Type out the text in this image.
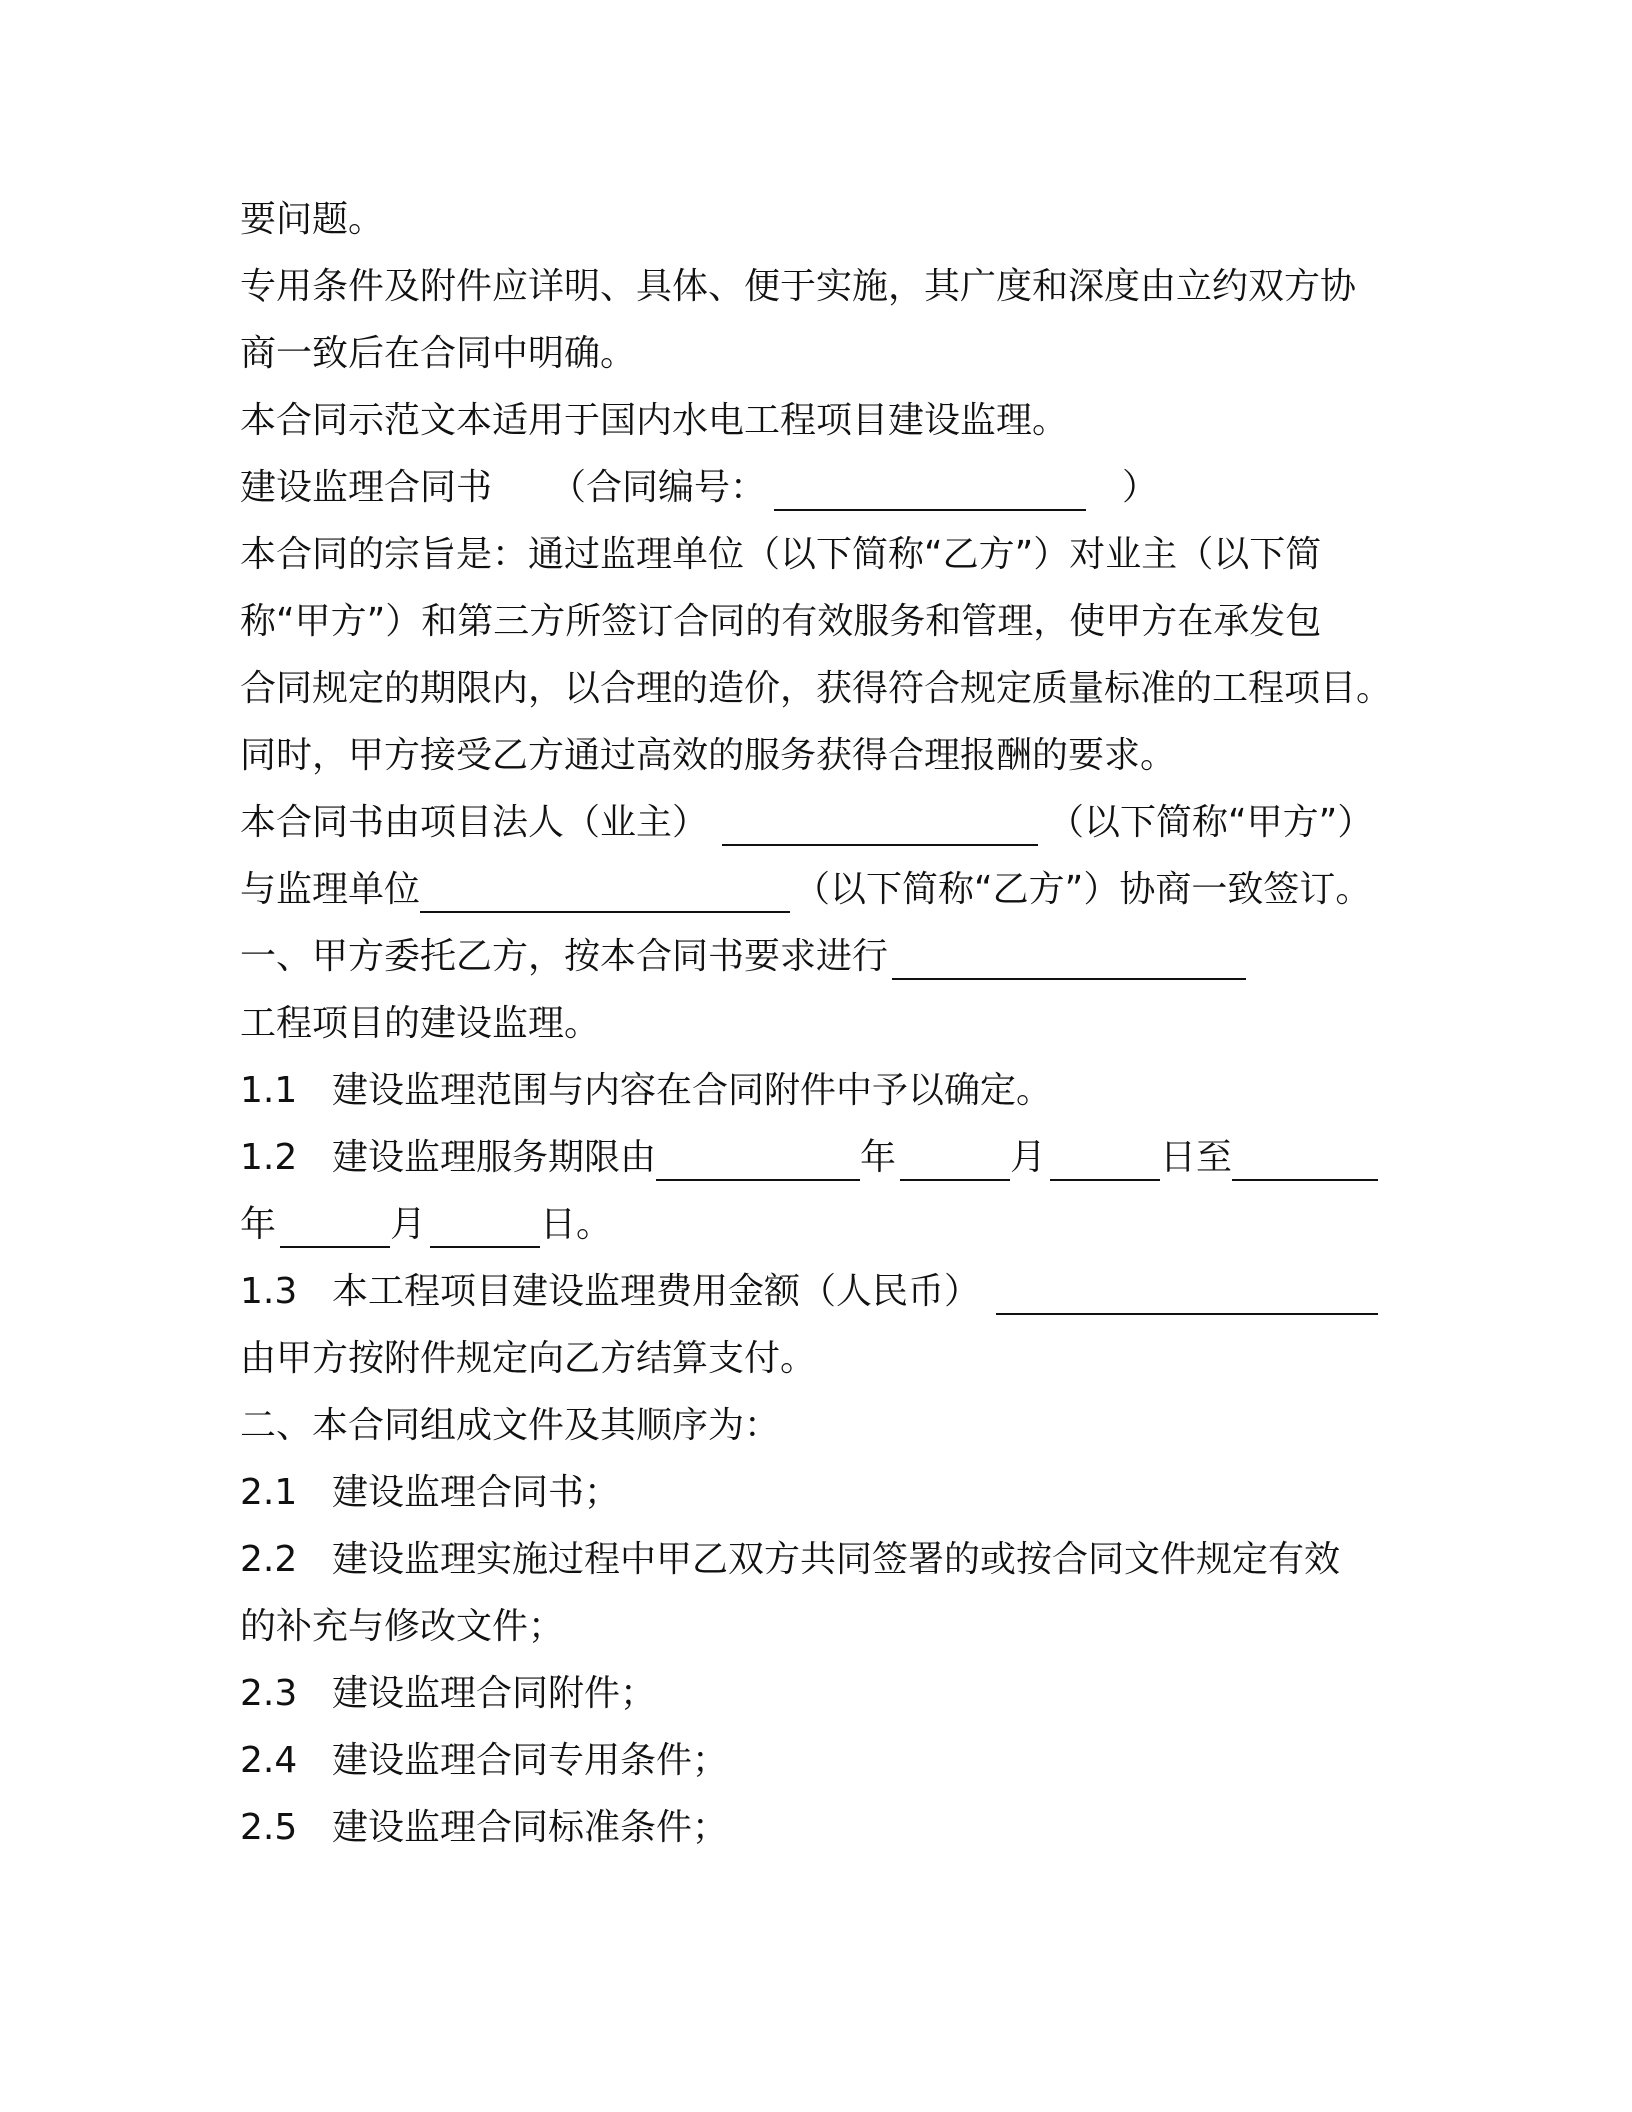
要问题。
专用条件及附件应详明、具体、便于实施，其广度和深度由立约双方协
商一致后在合同中明确。
本合同示范文本适用于国内水电工程项目建设监理。
建设监理合同书 （合同编号：	）
本合同的宗旨是：通过监理单位（以下简称“乙方”）对业主（以下简
称“甲方”）和第三方所签订合同的有效服务和管理，使甲方在承发包
合同规定的期限内，以合理的造价，获得符合规定质量标准的工程项目。
同时，甲方接受乙方通过高效的服务获得合理报酬的要求。
本合同书由项目法人（业主）	（以下简称“甲方”）
与监理单位	（以下简称“乙方”）协商一致签订。
一、甲方委托乙方，按本合同书要求进行
工程项目的建设监理。
1.1 建设监理范围与内容在合同附件中予以确定。
1.2 建设监理服务期限由	年	月	日至
年	月	日。
1.3 本工程项目建设监理费用金额（人民币）
由甲方按附件规定向乙方结算支付。
二、本合同组成文件及其顺序为：
2.1 建设监理合同书；
2.2 建设监理实施过程中甲乙双方共同签署的或按合同文件规定有效
的补充与修改文件；
2.3 建设监理合同附件；
2.4 建设监理合同专用条件；
2.5 建设监理合同标准条件；
